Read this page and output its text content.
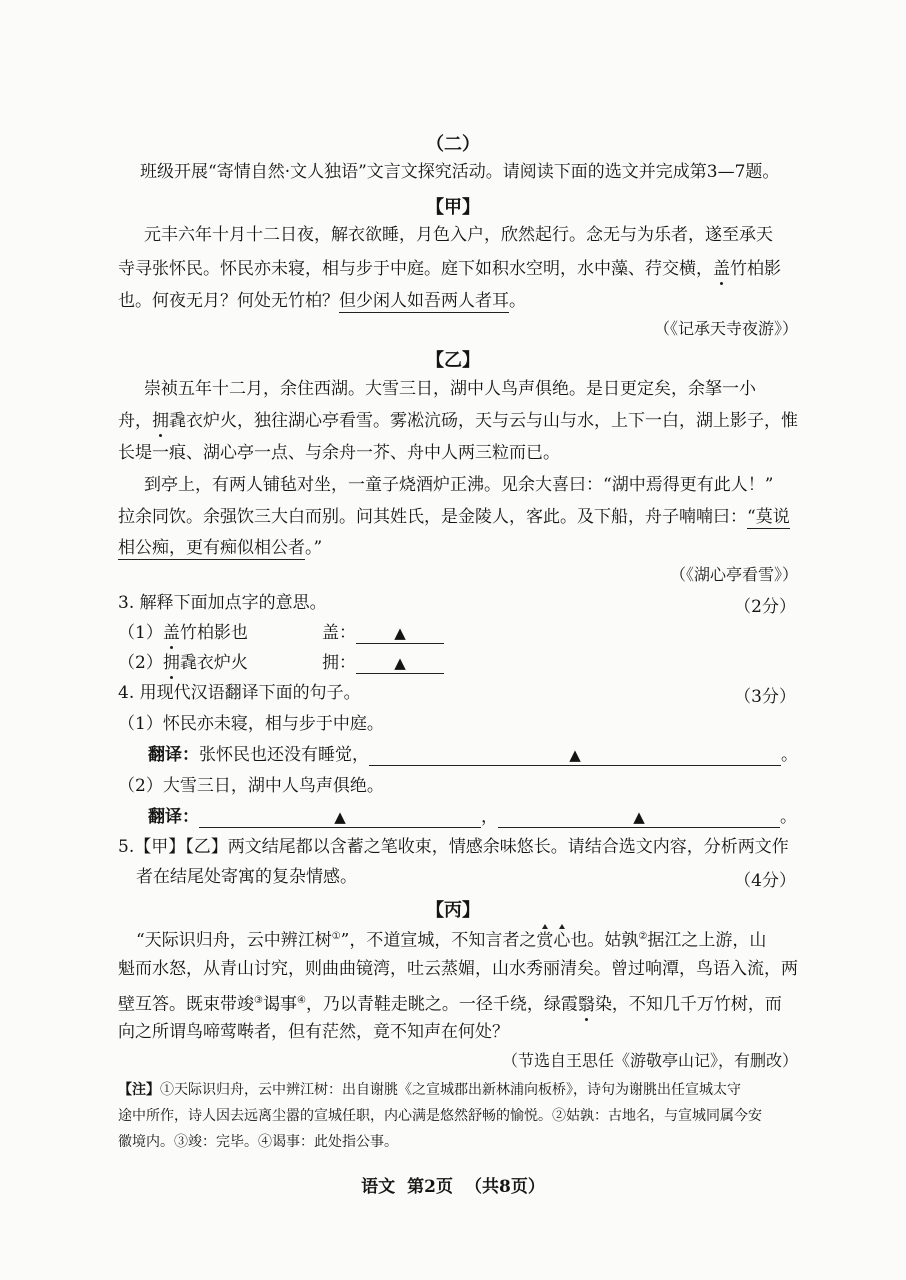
（二）
班级开展“寄情自然·文人独语”文言文探究活动。请阅读下面的选文并完成第3—7题。
【甲】
元丰六年十月十二日夜，解衣欲睡，月色入户，欣然起行。念无与为乐者，遂至承天
寺寻张怀民。怀民亦未寝，相与步于中庭。庭下如积水空明，水中藻、荇交横，盖竹柏影
也。何夜无月？何处无竹柏？但少闲人如吾两人者耳。
（《记承天寺夜游》）
【乙】
崇祯五年十二月，余住西湖。大雪三日，湖中人鸟声俱绝。是日更定矣，余拏一小
舟，拥毳衣炉火，独往湖心亭看雪。雾凇沆砀，天与云与山与水，上下一白，湖上影子，惟
长堤一痕、湖心亭一点、与余舟一芥、舟中人两三粒而已。
到亭上，有两人铺毡对坐，一童子烧酒炉正沸。见余大喜曰：“湖中焉得更有此人！”
拉余同饮。余强饮三大白而别。问其姓氏，是金陵人，客此。及下船，舟子喃喃曰：“莫说
相公痴，更有痴似相公者。”
（《湖心亭看雪》）
3. 解释下面加点字的意思。	（2分）
（1）盖竹柏影也	盖：	▲
（2）拥毳衣炉火	拥：	▲
4. 用现代汉语翻译下面的句子。	（3分）
（1）怀民亦未寝，相与步于中庭。
翻译：张怀民也还没有睡觉，	▲	。
（2）大雪三日，湖中人鸟声俱绝。
翻译：	▲	，	▲	。
5.【甲】【乙】两文结尾都以含蓄之笔收束，情感余味悠长。请结合选文内容，分析两文作
者在结尾处寄寓的复杂情感。	（4分）
【丙】
“天际识归舟，云中辨江树①”，不道宣城，不知言者之赏心也。姑孰②据江之上游，山
魁而水怒，从青山讨究，则曲曲镜湾，吐云蒸媚，山水秀丽清矣。曾过响潭，鸟语入流，两
壁互答。既束带竣③谒事④，乃以青鞋走眺之。一径千绕，绿霞翳染，不知几千万竹树，而
向之所谓鸟啼莺啭者，但有茫然，竟不知声在何处？
（节选自王思任《游敬亭山记》，有删改）
【注】①天际识归舟，云中辨江树：出自谢朓《之宣城郡出新林浦向板桥》，诗句为谢朓出任宣城太守
途中所作，诗人因去远离尘嚣的宣城任职，内心满是悠然舒畅的愉悦。②姑孰：古地名，与宣城同属今安
徽境内。③竣：完毕。④谒事：此处指公事。
语文 第2页 （共8页）
